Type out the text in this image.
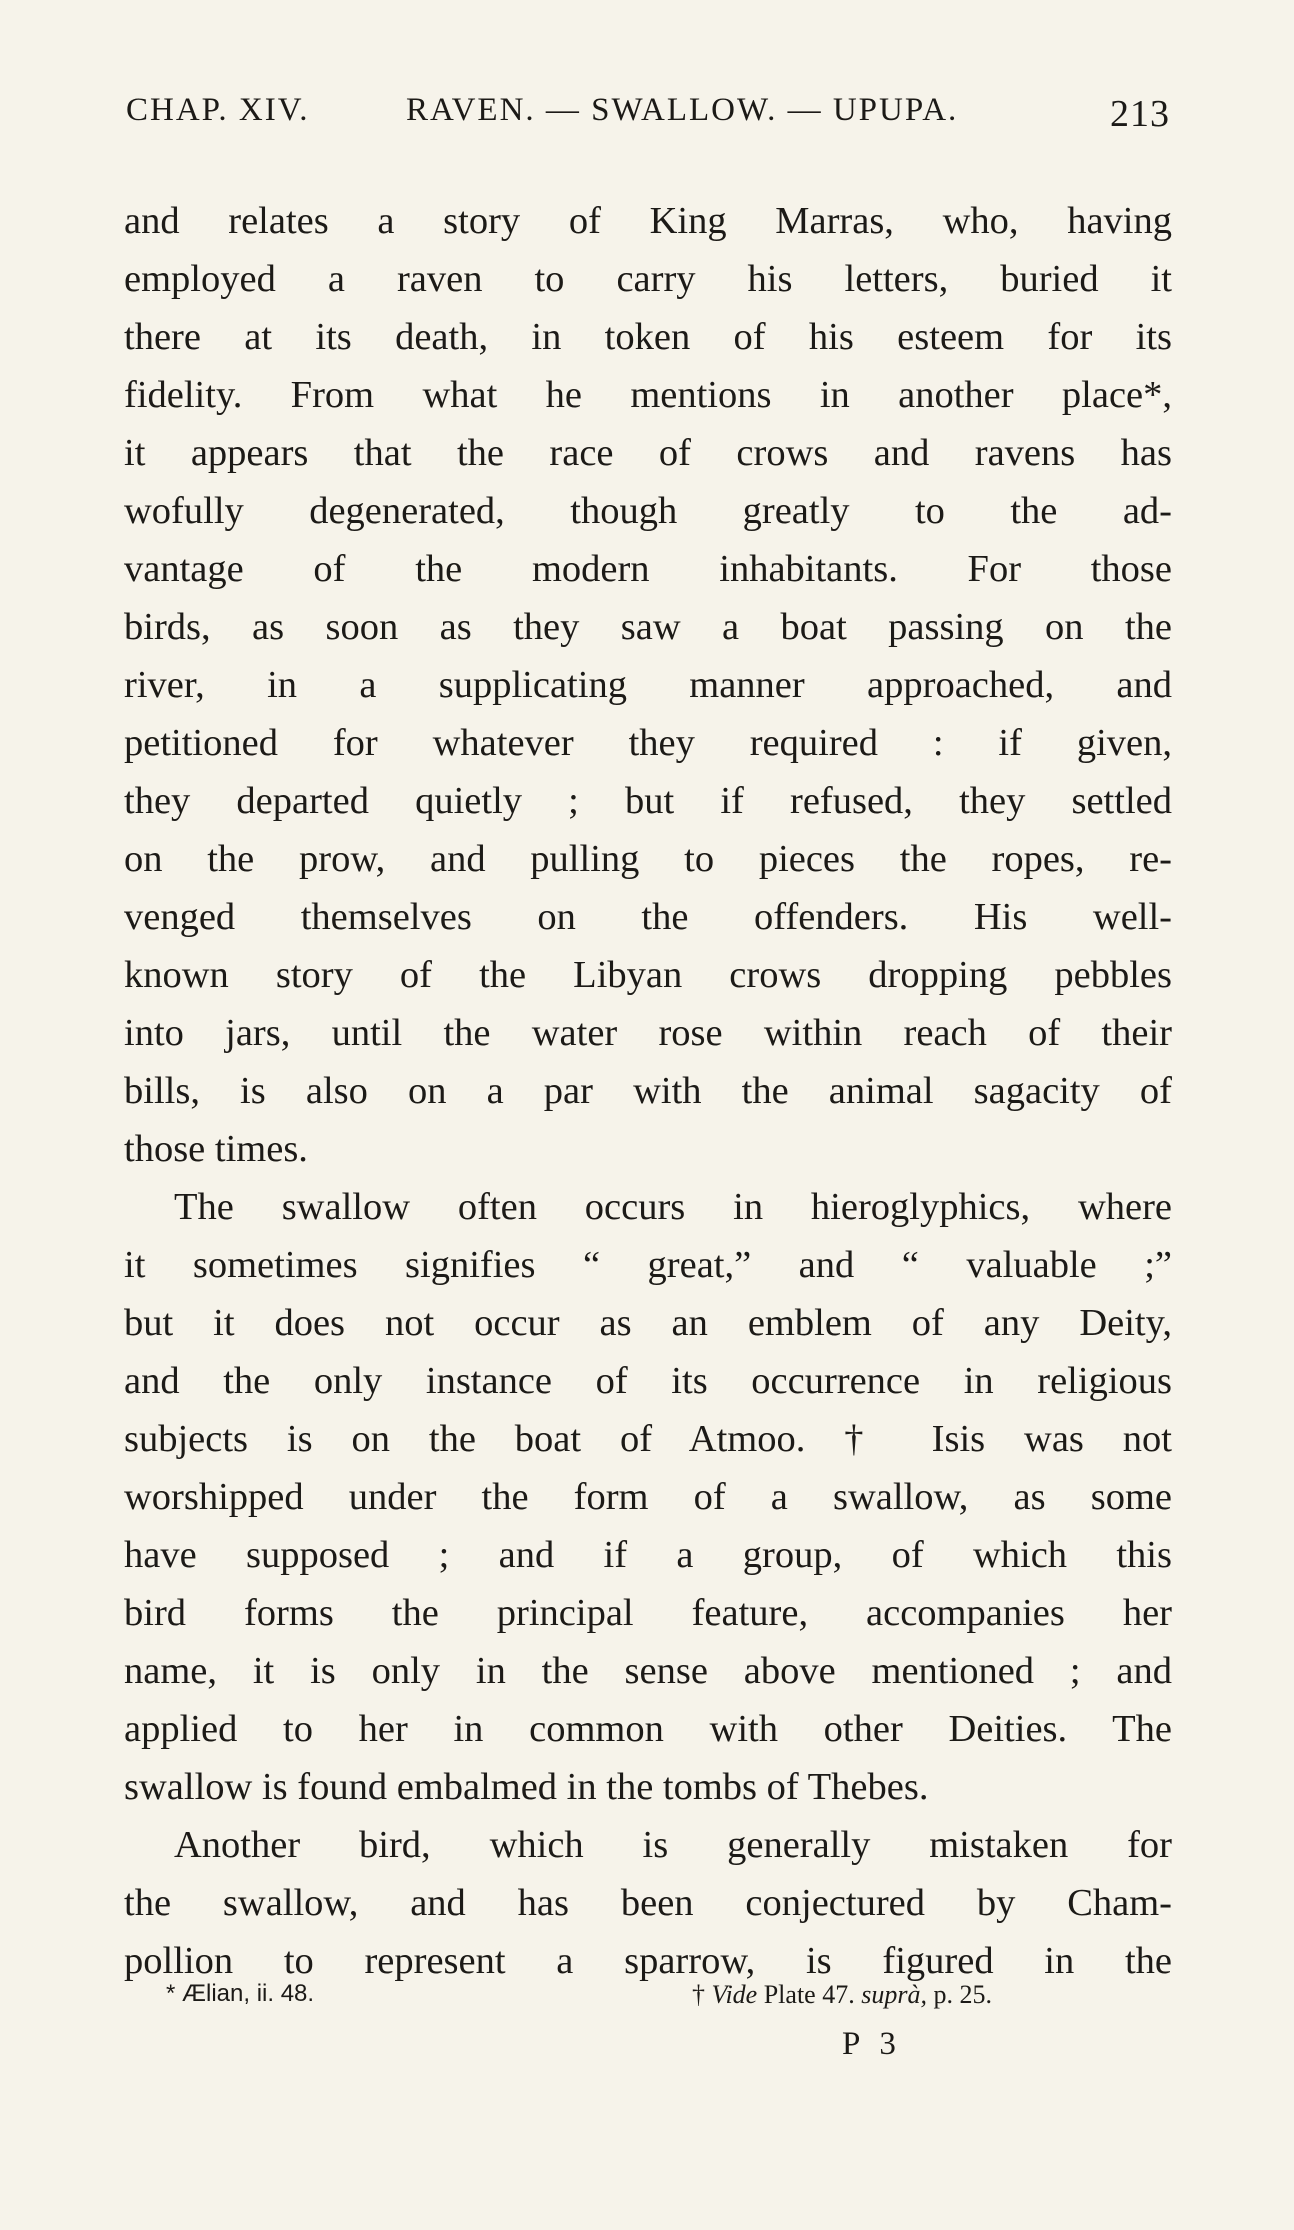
CHAP. XIV.	RAVEN. — SWALLOW. — UPUPA.	213
and relates a story of King Marras, who, having
employed a raven to carry his letters, buried it
there at its death, in token of his esteem for its
fidelity. From what he mentions in another place*,
it appears that the race of crows and ravens has
wofully degenerated, though greatly to the ad-
vantage of the modern inhabitants. For those
birds, as soon as they saw a boat passing on the
river, in a supplicating manner approached, and
petitioned for whatever they required : if given,
they departed quietly ; but if refused, they settled
on the prow, and pulling to pieces the ropes, re-
venged themselves on the offenders. His well-
known story of the Libyan crows dropping pebbles
into jars, until the water rose within reach of their
bills, is also on a par with the animal sagacity of
those times.
The swallow often occurs in hieroglyphics, where
it sometimes signifies “ great,” and “ valuable ;”
but it does not occur as an emblem of any Deity,
and the only instance of its occurrence in religious
subjects is on the boat of Atmoo. † Isis was not
worshipped under the form of a swallow, as some
have supposed ; and if a group, of which this
bird forms the principal feature, accompanies her
name, it is only in the sense above mentioned ; and
applied to her in common with other Deities. The
swallow is found embalmed in the tombs of Thebes.
Another bird, which is generally mistaken for
the swallow, and has been conjectured by Cham-
pollion to represent a sparrow, is figured in the
* Ælian, ii. 48.	† Vide Plate 47. suprà, p. 25.
P 3
